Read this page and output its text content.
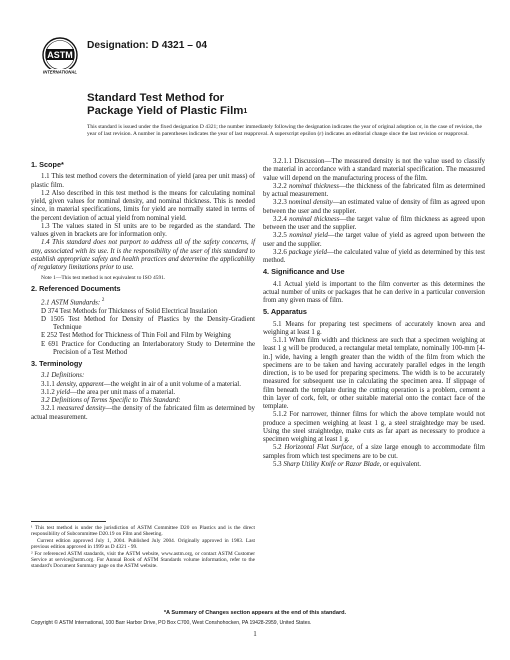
ASTM
INTERNATIONAL
Designation: D 4321 – 04
Standard Test Method for
Package Yield of Plastic Film$^1$
This standard is issued under the fixed designation D 4321; the number immediately following the designation indicates the year of original adoption or, in the case of revision, the year of last revision. A number in parentheses indicates the year of last reapproval. A superscript epsilon (ε) indicates an editorial change since the last revision or reapproval.

1. Scope*

1.1 This test method covers the determination of yield (area per unit mass) of plastic film.

1.2 Also described in this test method is the means for calculating nominal yield, given values for nominal density, and nominal thickness. This is needed since, in material specifications, limits for yield are normally stated in terms of the percent deviation of actual yield from nominal yield.

1.3 The values stated in SI units are to be regarded as the standard. The values given in brackets are for information only.

1.4 This standard does not purport to address all of the safety concerns, if any, associated with its use. It is the responsibility of the user of this standard to establish appropriate safety and health practices and determine the applicability of regulatory limitations prior to use.

Note 1—This test method is not equivalent to ISO 4591.

2. Referenced Documents

2.1 ASTM Standards: $^2$

D 374 Test Methods for Thickness of Solid Electrical Insulation

D 1505 Test Method for Density of Plastics by the Density-Gradient Technique

E 252 Test Method for Thickness of Thin Foil and Film by Weighing

E 691 Practice for Conducting an Interlaboratory Study to Determine the Precision of a Test Method

3. Terminology

3.1 Definitions:

3.1.1 density, apparent—the weight in air of a unit volume of a material.

3.1.2 yield—the area per unit mass of a material.

3.2 Definitions of Terms Specific to This Standard:

3.2.1 measured density—the density of the fabricated film as determined by actual measurement.

3.2.1.1 Discussion—The measured density is not the value used to classify the material in accordance with a standard material specification. The measured value will depend on the manufacturing process of the film.

3.2.2 nominal thickness—the thickness of the fabricated film as determined by actual measurement.

3.2.3 nominal density—an estimated value of density of film as agreed upon between the user and the supplier.

3.2.4 nominal thickness—the target value of film thickness as agreed upon between the user and the supplier.

3.2.5 nominal yield—the target value of yield as agreed upon between the user and the supplier.

3.2.6 package yield—the calculated value of yield as determined by this test method.

4. Significance and Use

4.1 Actual yield is important to the film converter as this determines the actual number of units or packages that he can derive in a particular conversion from any given mass of film.

5. Apparatus

5.1 Means for preparing test specimens of accurately known area and weighing at least 1 g.

5.1.1 When film width and thickness are such that a specimen weighing at least 1 g will be produced, a rectangular metal template, nominally 100-mm [4-in.] wide, having a length greater than the width of the film from which the specimens are to be taken and having accurately parallel edges in the length direction, is to be used for preparing specimens. The width is to be accurately measured for subsequent use in calculating the specimen area. If slippage of film beneath the template during the cutting operation is a problem, cement a thin layer of cork, felt, or other suitable material onto the contact face of the template.

5.1.2 For narrower, thinner films for which the above template would not produce a specimen weighing at least 1 g, a steel straightedge may be used. Using the steel straightedge, make cuts as far apart as necessary to produce a specimen weighing at least 1 g.

5.2 Horizontal Flat Surface, of a size large enough to accommodate film samples from which test specimens are to be cut.

5.3 Sharp Utility Knife or Razor Blade, or equivalent.

¹ This test method is under the jurisdiction of ASTM Committee D20 on Plastics and is the direct responsibility of Subcommittee D20.19 on Film and Sheeting.

Current edition approved July 1, 2004. Published July 2004. Originally approved in 1983. Last previous edition approved in 1999 as D 4321 - 99.

² For referenced ASTM standards, visit the ASTM website, www.astm.org, or contact ASTM Customer Service at service@astm.org. For Annual Book of ASTM Standards volume information, refer to the standard's Document Summary page on the ASTM website.

*A Summary of Changes section appears at the end of this standard.
Copyright © ASTM International, 100 Barr Harbor Drive, PO Box C700, West Conshohocken, PA 19428-2959, United States.
1
